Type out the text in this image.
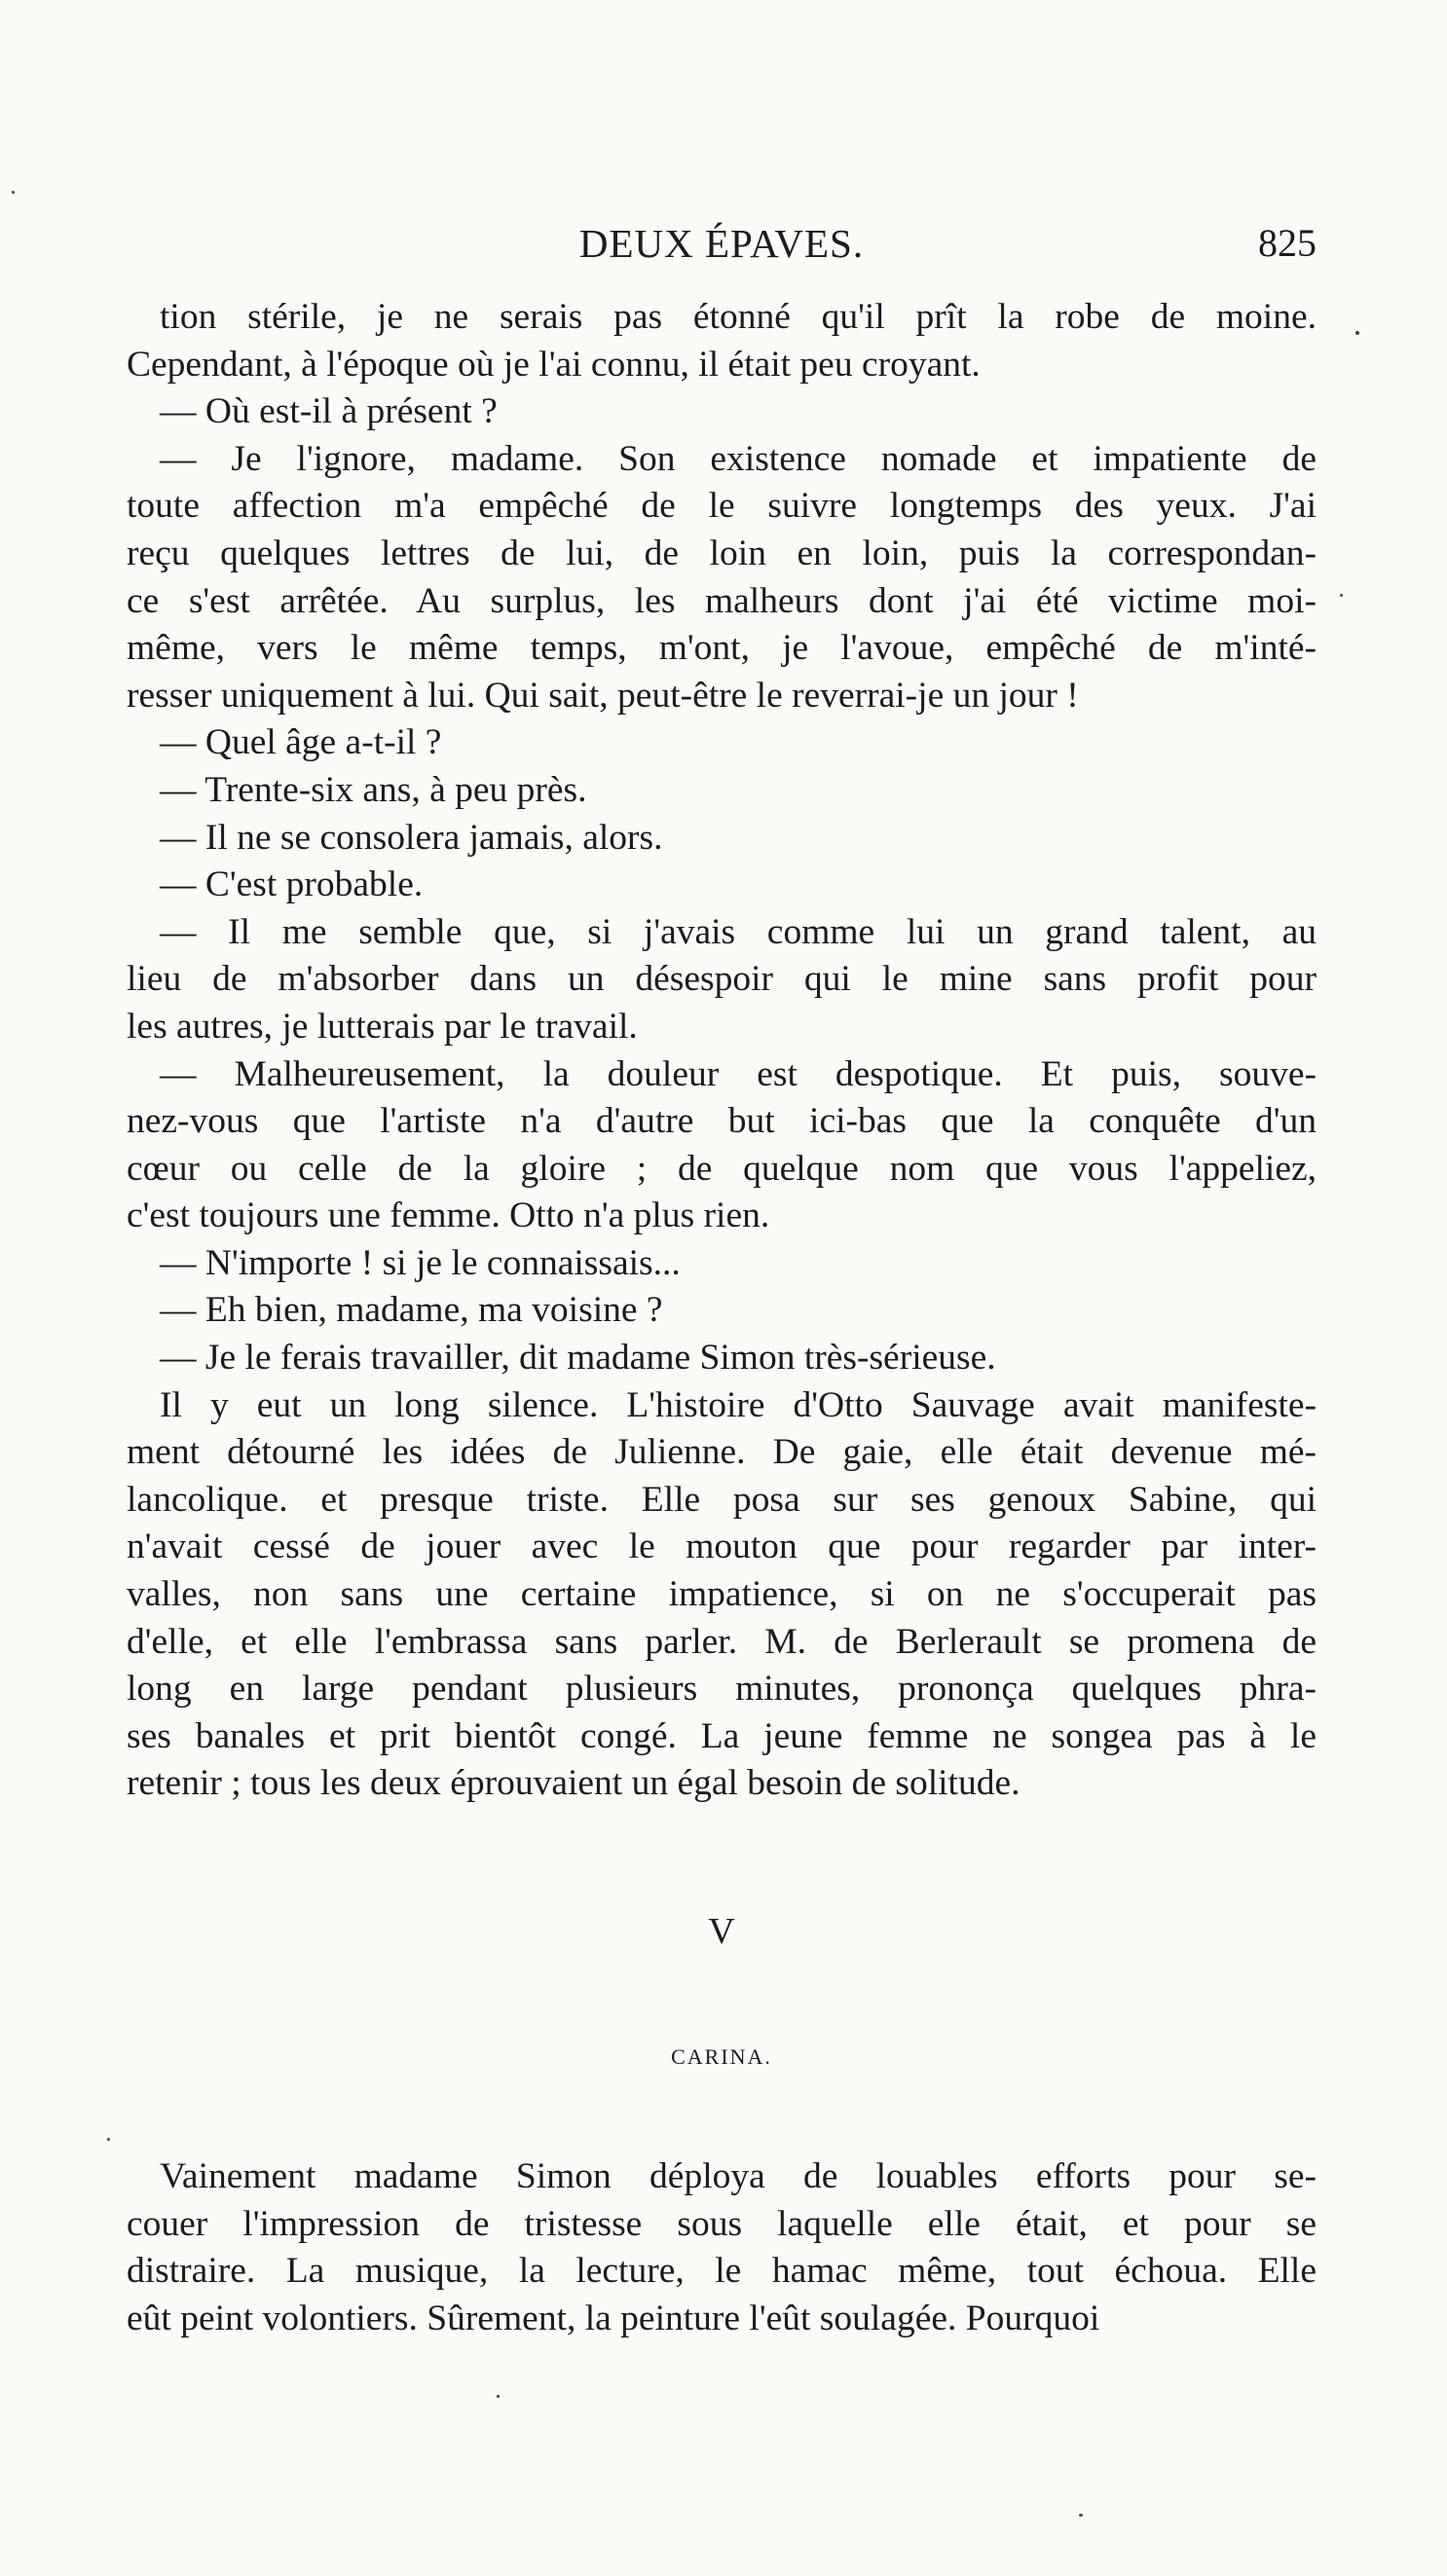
DEUX ÉPAVES.	825
tion stérile, je ne serais pas étonné qu'il prît la robe de moine.
Cependant, à l'époque où je l'ai connu, il était peu croyant.
— Où est-il à présent ?
— Je l'ignore, madame. Son existence nomade et impatiente de
toute affection m'a empêché de le suivre longtemps des yeux. J'ai
reçu quelques lettres de lui, de loin en loin, puis la correspondan-
ce s'est arrêtée. Au surplus, les malheurs dont j'ai été victime moi-
même, vers le même temps, m'ont, je l'avoue, empêché de m'inté-
resser uniquement à lui. Qui sait, peut-être le reverrai-je un jour !
— Quel âge a-t-il ?
— Trente-six ans, à peu près.
— Il ne se consolera jamais, alors.
— C'est probable.
— Il me semble que, si j'avais comme lui un grand talent, au
lieu de m'absorber dans un désespoir qui le mine sans profit pour
les autres, je lutterais par le travail.
— Malheureusement, la douleur est despotique. Et puis, souve-
nez-vous que l'artiste n'a d'autre but ici-bas que la conquête d'un
cœur ou celle de la gloire ; de quelque nom que vous l'appeliez,
c'est toujours une femme. Otto n'a plus rien.
— N'importe ! si je le connaissais...
— Eh bien, madame, ma voisine ?
— Je le ferais travailler, dit madame Simon très-sérieuse.
Il y eut un long silence. L'histoire d'Otto Sauvage avait manifeste-
ment détourné les idées de Julienne. De gaie, elle était devenue mé-
lancolique. et presque triste. Elle posa sur ses genoux Sabine, qui
n'avait cessé de jouer avec le mouton que pour regarder par inter-
valles, non sans une certaine impatience, si on ne s'occuperait pas
d'elle, et elle l'embrassa sans parler. M. de Berlerault se promena de
long en large pendant plusieurs minutes, prononça quelques phra-
ses banales et prit bientôt congé. La jeune femme ne songea pas à le
retenir ; tous les deux éprouvaient un égal besoin de solitude.
V
CARINA.
Vainement madame Simon déploya de louables efforts pour se-
couer l'impression de tristesse sous laquelle elle était, et pour se
distraire. La musique, la lecture, le hamac même, tout échoua. Elle
eût peint volontiers. Sûrement, la peinture l'eût soulagée. Pourquoi
